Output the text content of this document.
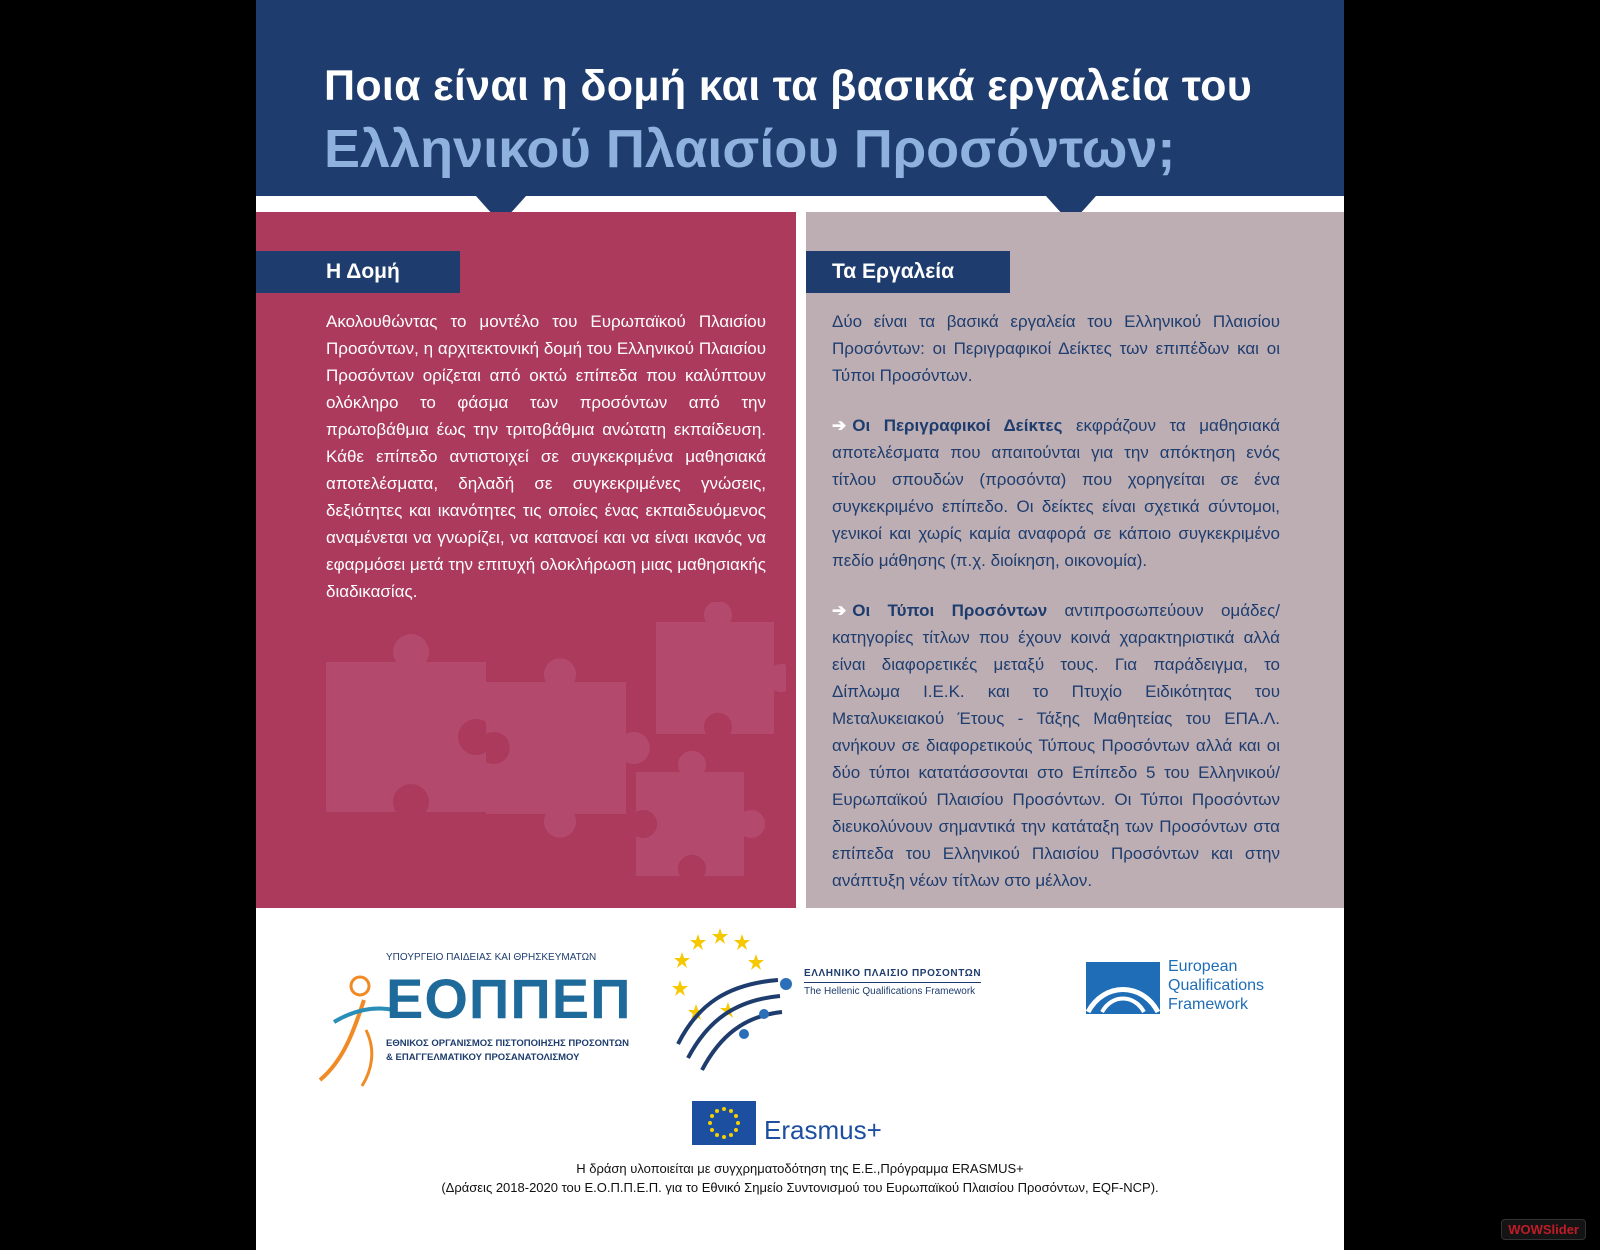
Ποια είναι η δομή και τα βασικά εργαλεία του
Ελληνικού Πλαισίου Προσόντων;
Η Δομή
Ακολουθώντας το μοντέλο του Ευρωπαϊκού Πλαισίου Προσόντων, η αρχιτεκτονική δομή του Ελληνικού Πλαισίου Προσόντων ορίζεται από οκτώ επίπεδα που καλύπτουν ολόκληρο το φάσμα των προσόντων από την πρωτοβάθμια έως την τριτοβάθμια ανώτατη εκπαίδευση. Κάθε επίπεδο αντιστοιχεί σε συγκεκριμένα μαθησιακά αποτελέσματα, δηλαδή σε συγκεκριμένες γνώσεις, δεξιότητες και ικανότητες τις οποίες ένας εκπαιδευόμενος αναμένεται να γνωρίζει, να κατανοεί και να είναι ικανός να εφαρμόσει μετά την επιτυχή ολοκλήρωση μιας μαθησιακής διαδικασίας.
Τα Εργαλεία

Δύο είναι τα βασικά εργαλεία του Ελληνικού Πλαισίου Προσόντων: οι Περιγραφικοί Δείκτες των επιπέδων και οι Τύποι Προσόντων.

➔ Οι Περιγραφικοί Δείκτες εκφράζουν τα μαθησιακά αποτελέσματα που απαιτούνται για την απόκτηση ενός τίτλου σπουδών (προσόντα) που χορηγείται σε ένα συγκεκριμένο επίπεδο. Οι δείκτες είναι σχετικά σύντομοι, γενικοί και χωρίς καμία αναφορά σε κάποιο συγκεκριμένο πεδίο μάθησης (π.χ. διοίκηση, οικονομία).

➔ Οι Τύποι Προσόντων αντιπροσωπεύουν ομάδες/κατηγορίες τίτλων που έχουν κοινά χαρακτηριστικά αλλά είναι διαφορετικές μεταξύ τους. Για παράδειγμα, το Δίπλωμα Ι.Ε.Κ. και το Πτυχίο Ειδικότητας του Μεταλυκειακού Έτους - Τάξης Μαθητείας του ΕΠΑ.Λ. ανήκουν σε διαφορετικούς Τύπους Προσόντων αλλά και οι δύο τύποι κατατάσσονται στο Επίπεδο 5 του Ελληνικού/Ευρωπαϊκού Πλαισίου Προσόντων. Οι Τύποι Προσόντων διευκολύνουν σημαντικά την κατάταξη των Προσόντων στα επίπεδα του Ελληνικού Πλαισίου Προσόντων και στην ανάπτυξη νέων τίτλων στο μέλλον.

ΥΠΟΥΡΓΕΙΟ ΠΑΙΔΕΙΑΣ ΚΑΙ ΘΡΗΣΚΕΥΜΑΤΩΝ
ΕΟΠΠΕΠ
ΕΘΝΙΚΟΣ ΟΡΓΑΝΙΣΜΟΣ ΠΙΣΤΟΠΟΙΗΣΗΣ ΠΡΟΣΟΝΤΩΝ
& ΕΠΑΓΓΕΛΜΑΤΙΚΟΥ ΠΡΟΣΑΝΑΤΟΛΙΣΜΟΥ
ΕΛΛΗΝΙΚΟ ΠΛΑΙΣΙΟ ΠΡΟΣΟΝΤΩΝ
The Hellenic Qualifications Framework
European
Qualifications
Framework
Erasmus+
Η δράση υλοποιείται με συγχρηματοδότηση της Ε.Ε.,Πρόγραμμα ERASMUS+
(Δράσεις 2018-2020 του Ε.Ο.Π.Π.Ε.Π. για το Εθνικό Σημείο Συντονισμού του Ευρωπαϊκού Πλαισίου Προσόντων, EQF-NCP).
WOWSlider
